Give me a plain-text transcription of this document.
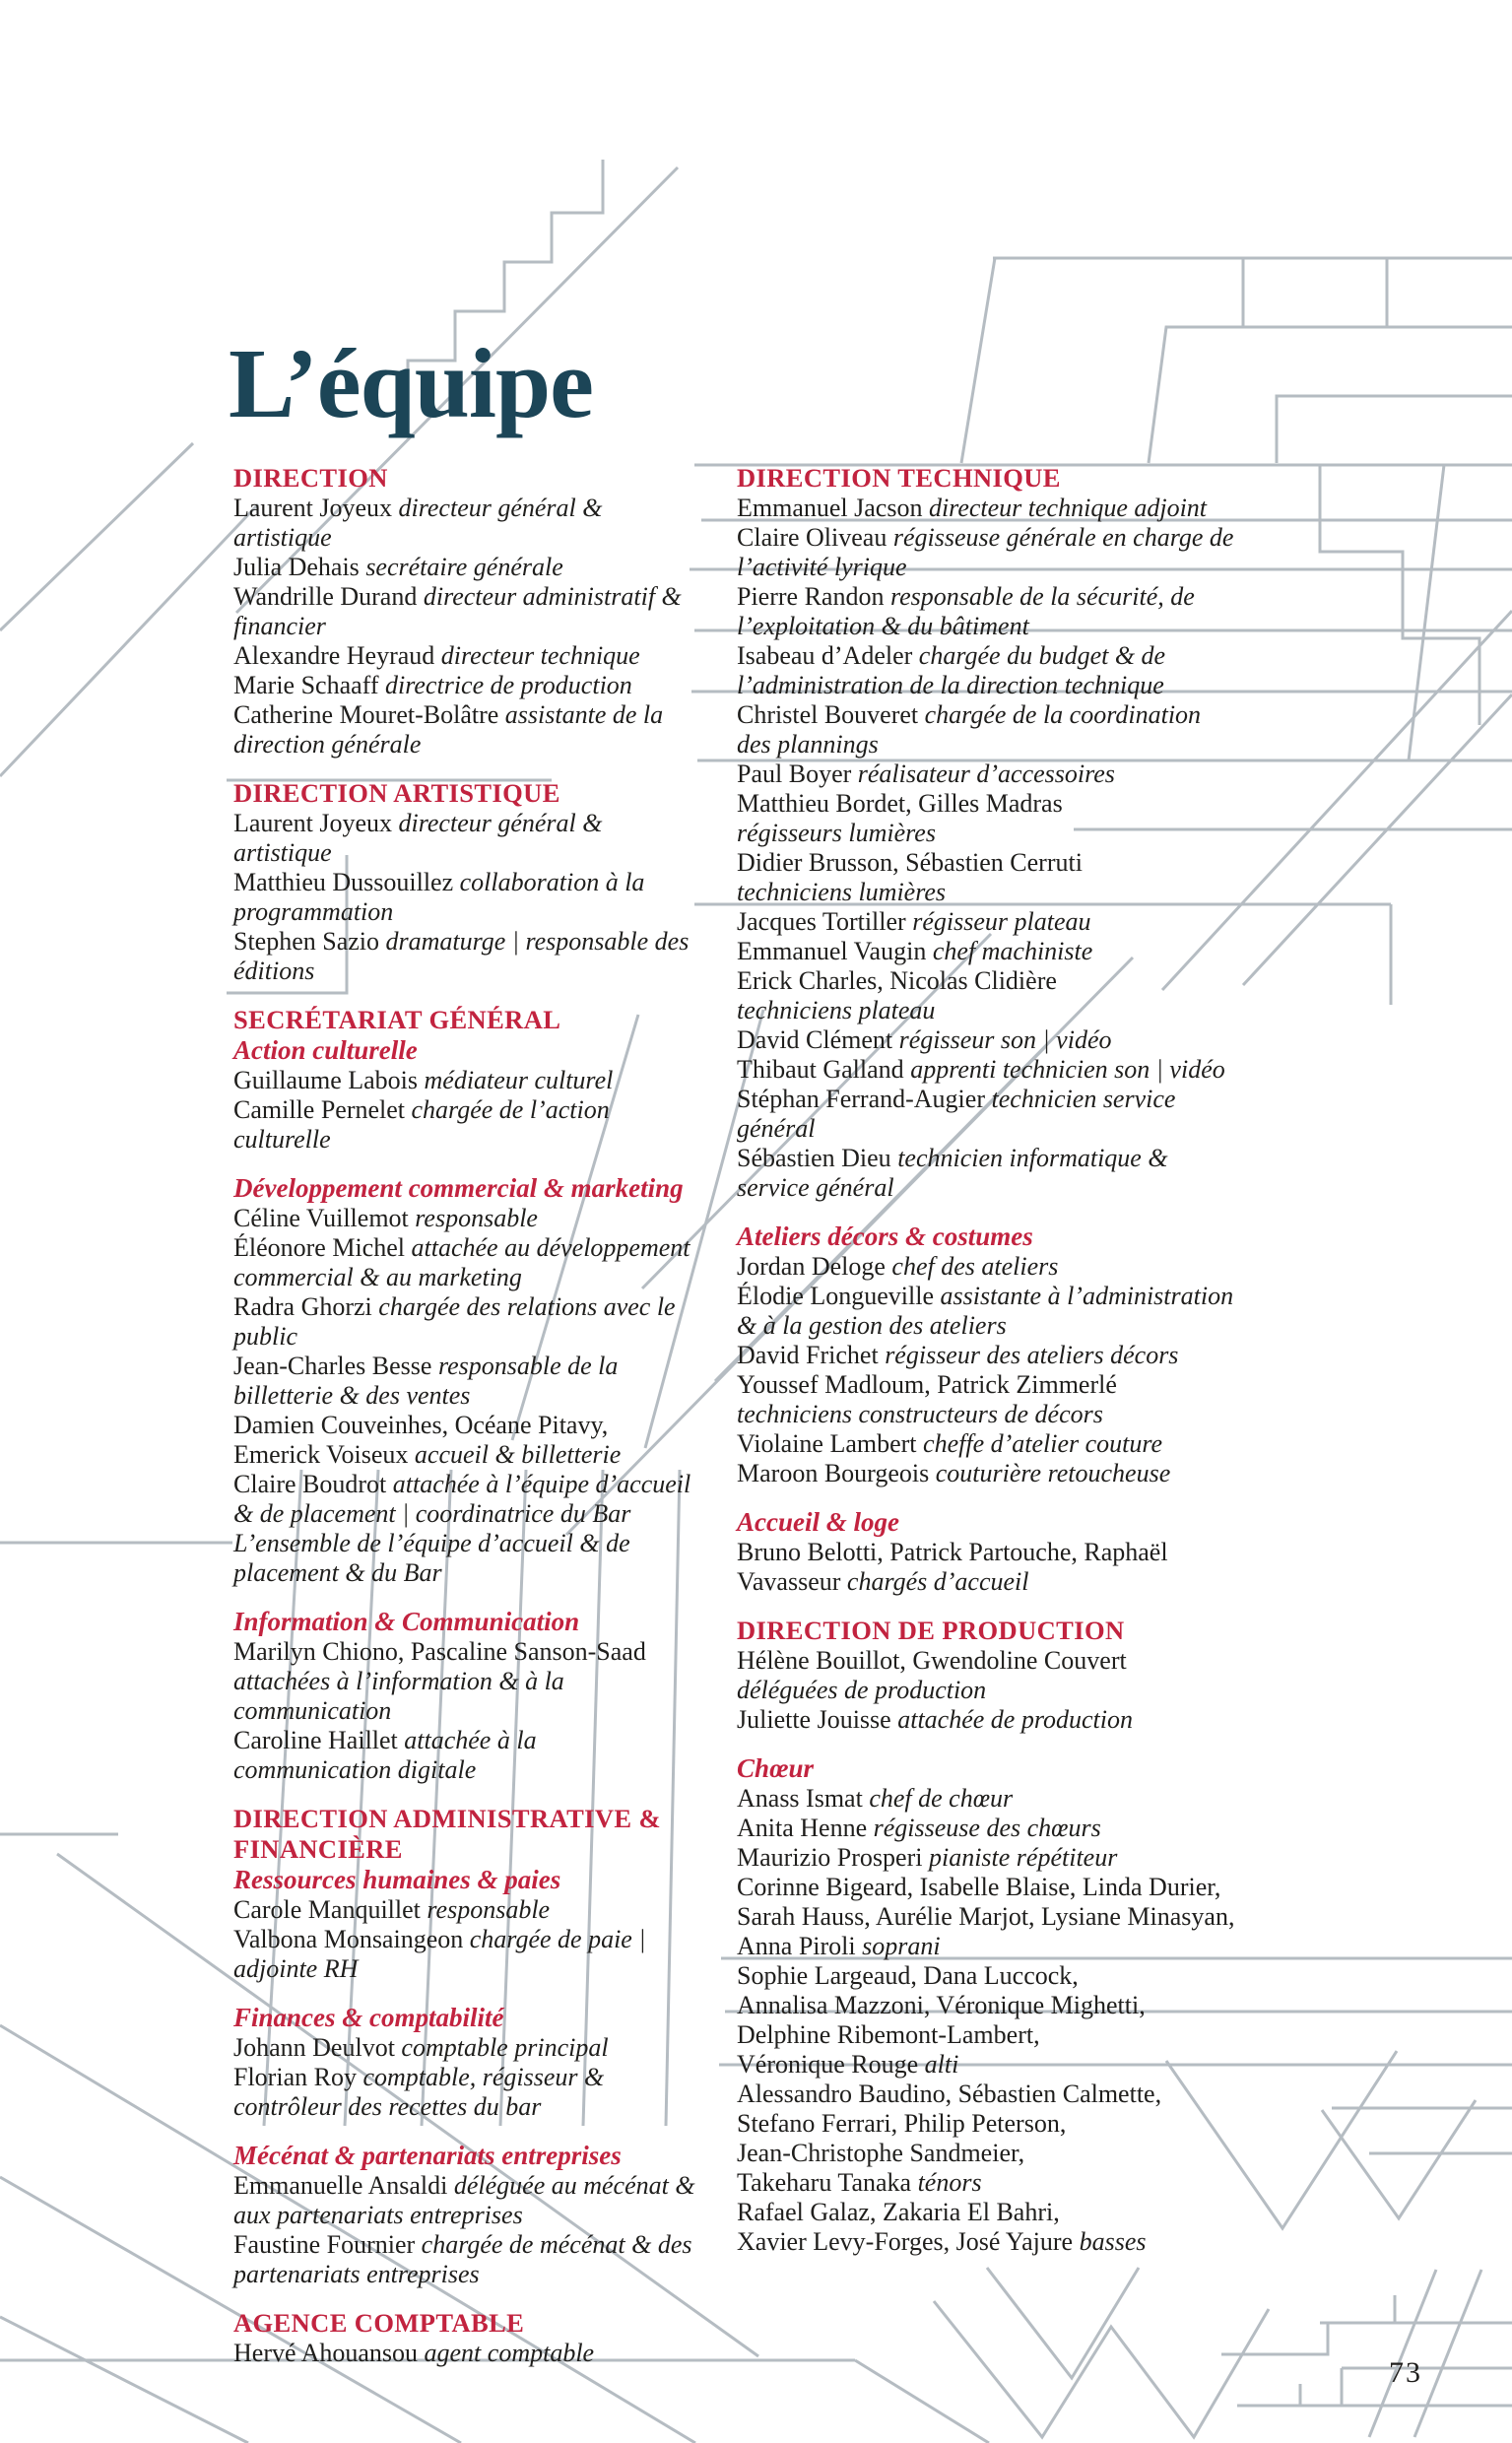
L’équipe
DIRECTION

Laurent Joyeux directeur général & artistique

Julia Dehais secrétaire générale

Wandrille Durand directeur administratif & financier

Alexandre Heyraud directeur technique

Marie Schaaff directrice de production

Catherine Mouret-Bolâtre assistante de la direction générale

DIRECTION ARTISTIQUE

Laurent Joyeux directeur général & artistique

Matthieu Dussouillez collaboration à la programmation

Stephen Sazio dramaturge | responsable des éditions

SECRÉTARIAT GÉNÉRAL
Action culturelle

Guillaume Labois médiateur culturel

Camille Pernelet chargée de l’action culturelle

Développement commercial & marketing

Céline Vuillemot responsable

Éléonore Michel attachée au développement commercial & au marketing

Radra Ghorzi chargée des relations avec le public

Jean-Charles Besse responsable de la billetterie & des ventes

Damien Couveinhes, Océane Pitavy,
Emerick Voiseux accueil & billetterie

Claire Boudrot attachée à l’équipe d’accueil & de placement | coordinatrice du Bar

L’ensemble de l’équipe d’accueil & de placement & du Bar

Information & Communication

Marilyn Chiono, Pascaline Sanson-Saad
attachées à l’information & à la communication

Caroline Haillet attachée à la communication digitale

DIRECTION ADMINISTRATIVE & FINANCIÈRE
Ressources humaines & paies

Carole Manquillet responsable

Valbona Monsaingeon chargée de paie | adjointe RH

Finances & comptabilité

Johann Deulvot comptable principal

Florian Roy comptable, régisseur & contrôleur des recettes du bar

Mécénat & partenariats entreprises

Emmanuelle Ansaldi déléguée au mécénat & aux partenariats entreprises

Faustine Fournier chargée de mécénat & des partenariats entreprises

AGENCE COMPTABLE

Hervé Ahouansou agent comptable

DIRECTION TECHNIQUE

Emmanuel Jacson directeur technique adjoint

Claire Oliveau régisseuse générale en charge de l’activité lyrique

Pierre Randon responsable de la sécurité, de l’exploitation & du bâtiment

Isabeau d’Adeler chargée du budget & de l’administration de la direction technique

Christel Bouveret chargée de la coordination des plannings

Paul Boyer réalisateur d’accessoires

Matthieu Bordet, Gilles Madras
régisseurs lumières

Didier Brusson, Sébastien Cerruti
techniciens lumières

Jacques Tortiller régisseur plateau

Emmanuel Vaugin chef machiniste

Erick Charles, Nicolas Clidière
techniciens plateau

David Clément régisseur son | vidéo

Thibaut Galland apprenti technicien son | vidéo

Stéphan Ferrand-Augier technicien service général

Sébastien Dieu technicien informatique & service général

Ateliers décors & costumes

Jordan Deloge chef des ateliers

Élodie Longueville assistante à l’administration & à la gestion des ateliers

David Frichet régisseur des ateliers décors

Youssef Madloum, Patrick Zimmerlé techniciens constructeurs de décors

Violaine Lambert cheffe d’atelier couture

Maroon Bourgeois couturière retoucheuse

Accueil & loge

Bruno Belotti, Patrick Partouche, Raphaël Vavasseur chargés d’accueil

DIRECTION DE PRODUCTION

Hélène Bouillot, Gwendoline Couvert
déléguées de production

Juliette Jouisse attachée de production

Chœur

Anass Ismat chef de chœur

Anita Henne régisseuse des chœurs

Maurizio Prosperi pianiste répétiteur

Corinne Bigeard, Isabelle Blaise, Linda Durier,
Sarah Hauss, Aurélie Marjot, Lysiane Minasyan,
Anna Piroli soprani

Sophie Largeaud, Dana Luccock,
Annalisa Mazzoni, Véronique Mighetti,
Delphine Ribemont-Lambert,
Véronique Rouge alti

Alessandro Baudino, Sébastien Calmette,
Stefano Ferrari, Philip Peterson,
Jean-Christophe Sandmeier,
Takeharu Tanaka ténors

Rafael Galaz, Zakaria El Bahri,
Xavier Levy-Forges, José Yajure basses

73
